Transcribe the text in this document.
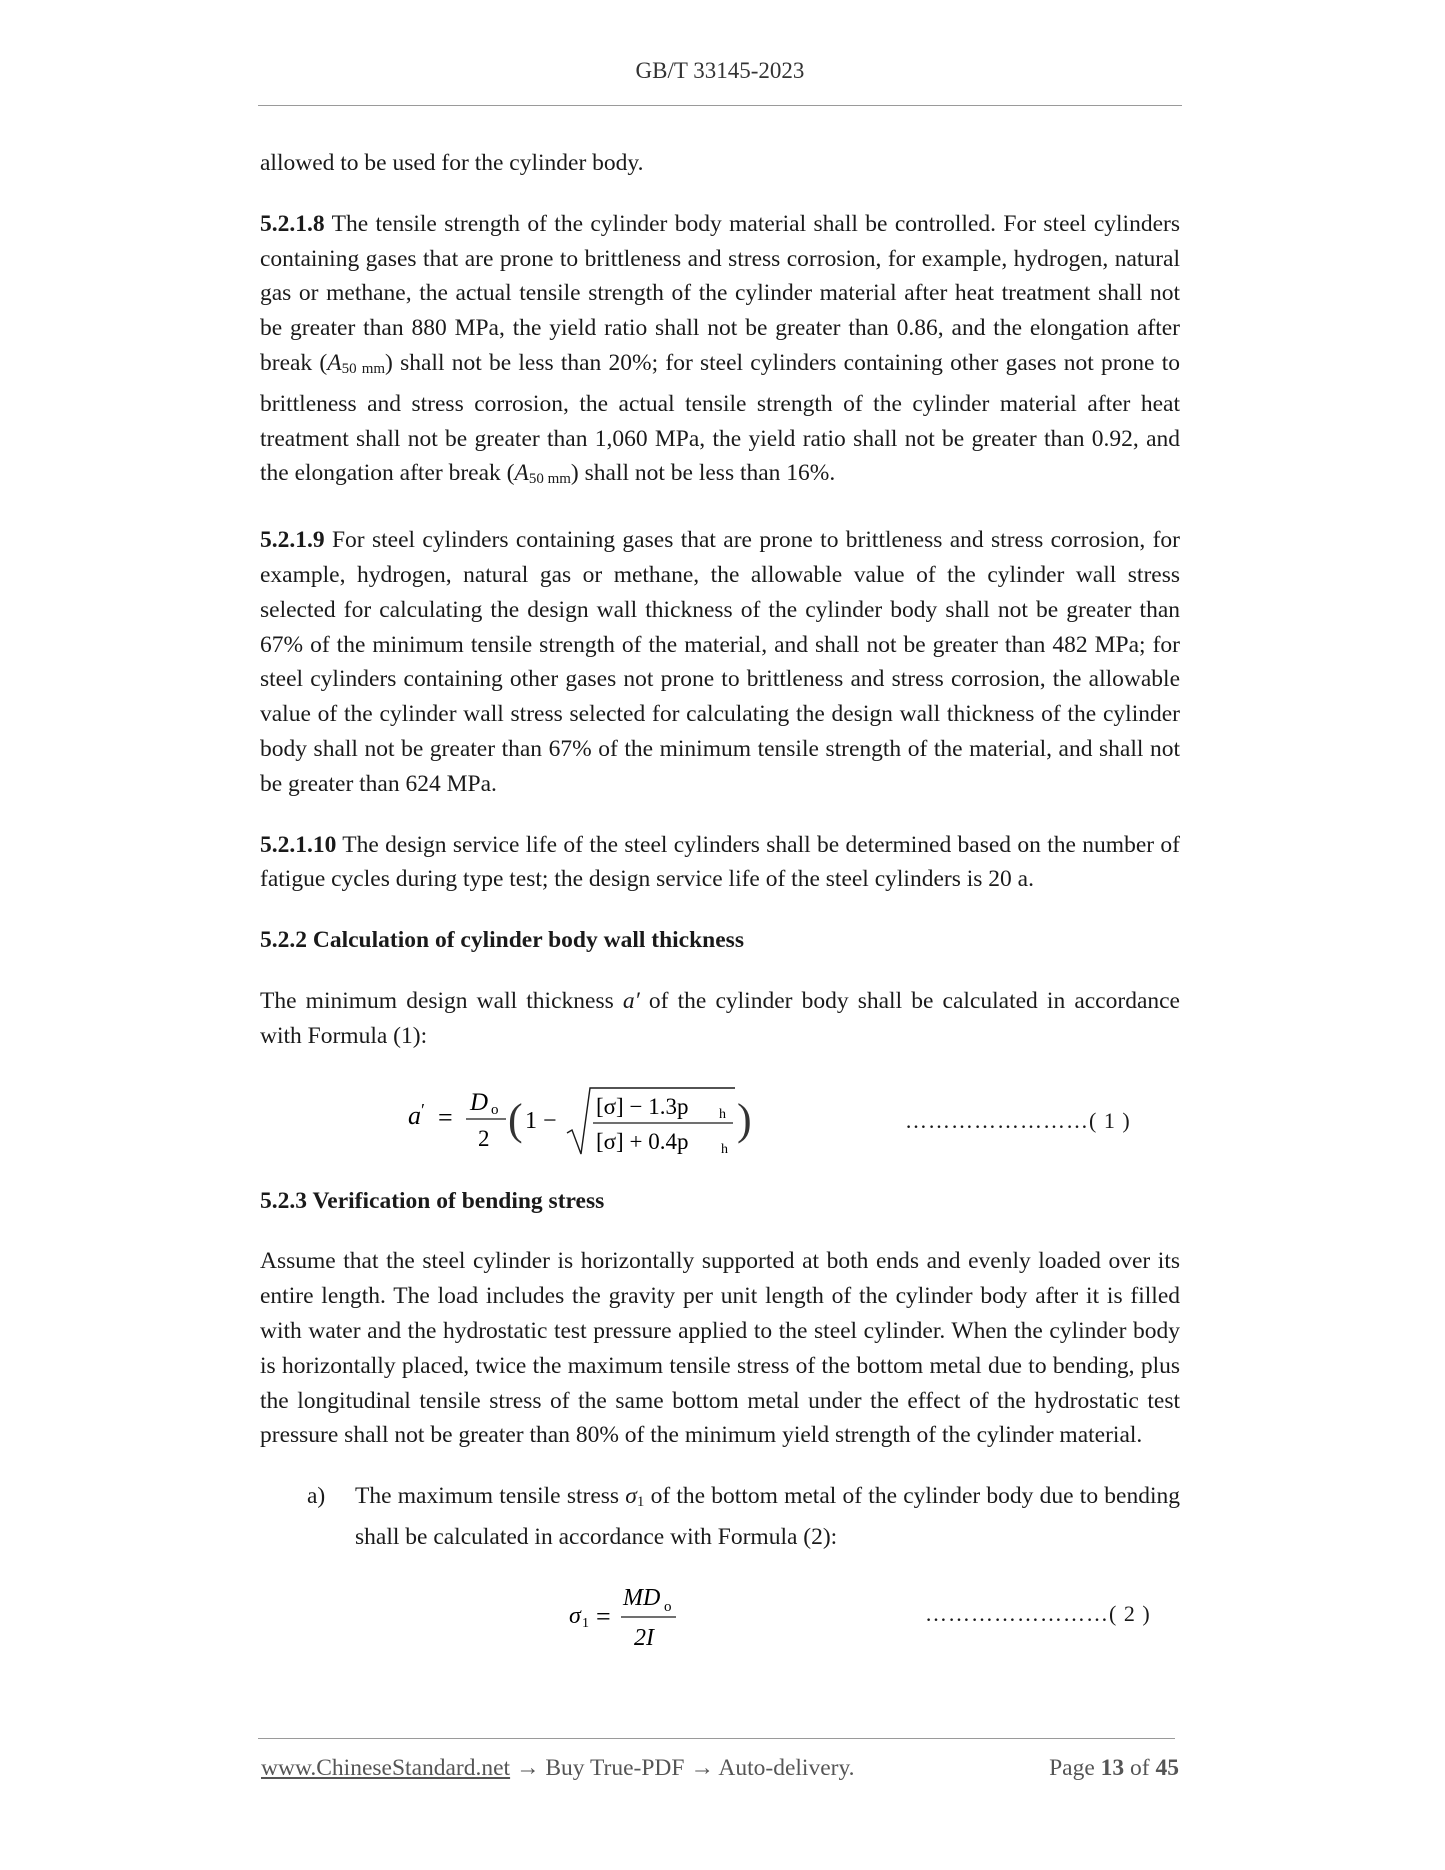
GB/T 33145-2023

allowed to be used for the cylinder body.

5.2.1.8 The tensile strength of the cylinder body material shall be controlled. For steel cylinders containing gases that are prone to brittleness and stress corrosion, for example, hydrogen, natural gas or methane, the actual tensile strength of the cylinder material after heat treatment shall not be greater than 880 MPa, the yield ratio shall not be greater than 0.86, and the elongation after break $(A_{50 mm})$ shall not be less than 20%; for steel cylinders containing other gases not prone to brittleness and stress corrosion, the actual tensile strength of the cylinder material after heat treatment shall not be greater than 1,060 MPa, the yield ratio shall not be greater than 0.92, and the elongation after break $(A_{50 mm})$ shall not be less than 16%.

5.2.1.9 For steel cylinders containing gases that are prone to brittleness and stress corrosion, for example, hydrogen, natural gas or methane, the allowable value of the cylinder wall stress selected for calculating the design wall thickness of the cylinder body shall not be greater than 67% of the minimum tensile strength of the material, and shall not be greater than 482 MPa; for steel cylinders containing other gases not prone to brittleness and stress corrosion, the allowable value of the cylinder wall stress selected for calculating the design wall thickness of the cylinder body shall not be greater than 67% of the minimum tensile strength of the material, and shall not be greater than 624 MPa.

5.2.1.10 The design service life of the steel cylinders shall be determined based on the number of fatigue cycles during type test; the design service life of the steel cylinders is 20 a.

5.2.2 Calculation of cylinder body wall thickness

The minimum design wall thickness a′ of the cylinder body shall be calculated in accordance with Formula (1):

a ′ =
D o
2 ( 1 −
[σ] − 1.3p h
[σ] + 0.4p h
)	……………………( 1 )

5.2.3 Verification of bending stress

Assume that the steel cylinder is horizontally supported at both ends and evenly loaded over its entire length. The load includes the gravity per unit length of the cylinder body after it is filled with water and the hydrostatic test pressure applied to the steel cylinder. When the cylinder body is horizontally placed, twice the maximum tensile stress of the bottom metal due to bending, plus the longitudinal tensile stress of the same bottom metal under the effect of the hydrostatic test pressure shall not be greater than 80% of the minimum yield strength of the cylinder material.

a) The maximum tensile stress $\sigma_1$ of the bottom metal of the cylinder body due to bending shall be calculated in accordance with Formula (2):

σ 1 =
MD o
2I
……………………( 2 )
www.ChineseStandard.net → Buy True-PDF → Auto-delivery.	Page 13 of 45
